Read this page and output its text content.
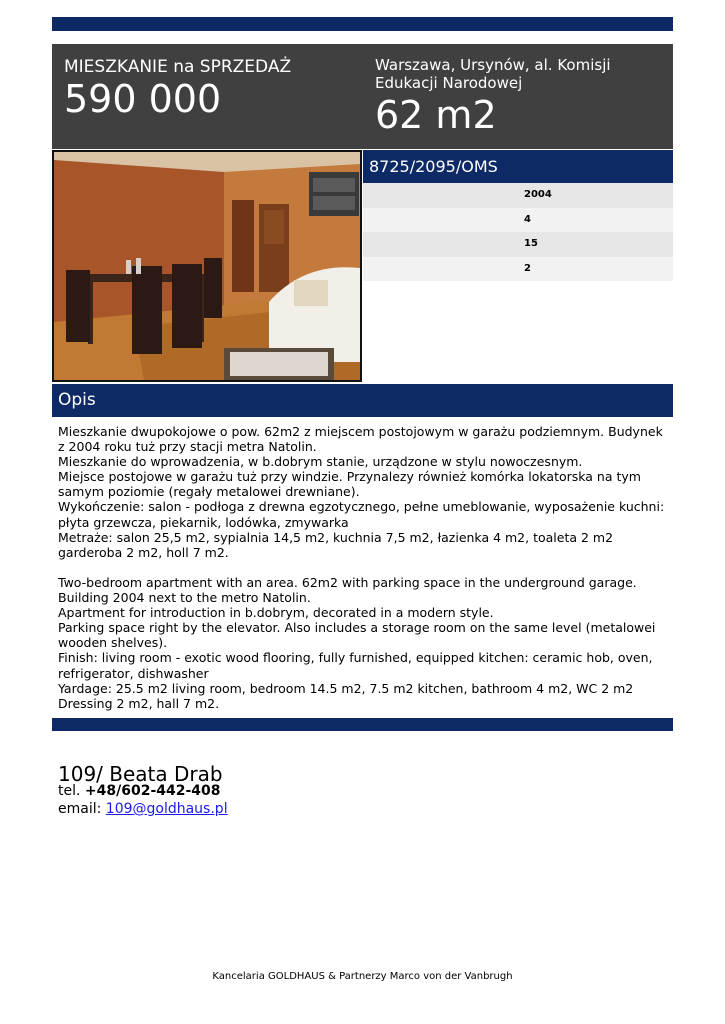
MIESZKANIE na SPRZEDAŻ
590 000
Warszawa, Ursynów, al. Komisji Edukacji Narodowej
62 m2
8725/2095/OMS
2004
4
15
2
Opis

Mieszkanie dwupokojowe o pow. 62m2 z miejscem postojowym w garażu podziemnym. Budynek z 2004 roku tuż przy stacji metra Natolin.

Mieszkanie do wprowadzenia, w b.dobrym stanie, urządzone w stylu nowoczesnym.

Miejsce postojowe w garażu tuż przy windzie. Przynalezy również komórka lokatorska na tym samym poziomie (regały metalowei drewniane).

Wykończenie: salon - podłoga z drewna egzotycznego, pełne umeblowanie, wyposażenie kuchni: płyta grzewcza, piekarnik, lodówka, zmywarka

Metraże: salon 25,5 m2, sypialnia 14,5 m2, kuchnia 7,5 m2, łazienka 4 m2, toaleta 2 m2 garderoba 2 m2, holl 7 m2.

Two-bedroom apartment with an area. 62m2 with parking space in the underground garage. Building 2004 next to the metro Natolin.

Apartment for introduction in b.dobrym, decorated in a modern style.

Parking space right by the elevator. Also includes a storage room on the same level (metalowei wooden shelves).

Finish: living room - exotic wood flooring, fully furnished, equipped kitchen: ceramic hob, oven, refrigerator, dishwasher

Yardage: 25.5 m2 living room, bedroom 14.5 m2, 7.5 m2 kitchen, bathroom 4 m2, WC 2 m2 Dressing 2 m2, hall 7 m2.

109/ Beata Drab
tel. +48/602-442-408
email: 109@goldhaus.pl
Kancelaria GOLDHAUS & Partnerzy Marco von der Vanbrugh
